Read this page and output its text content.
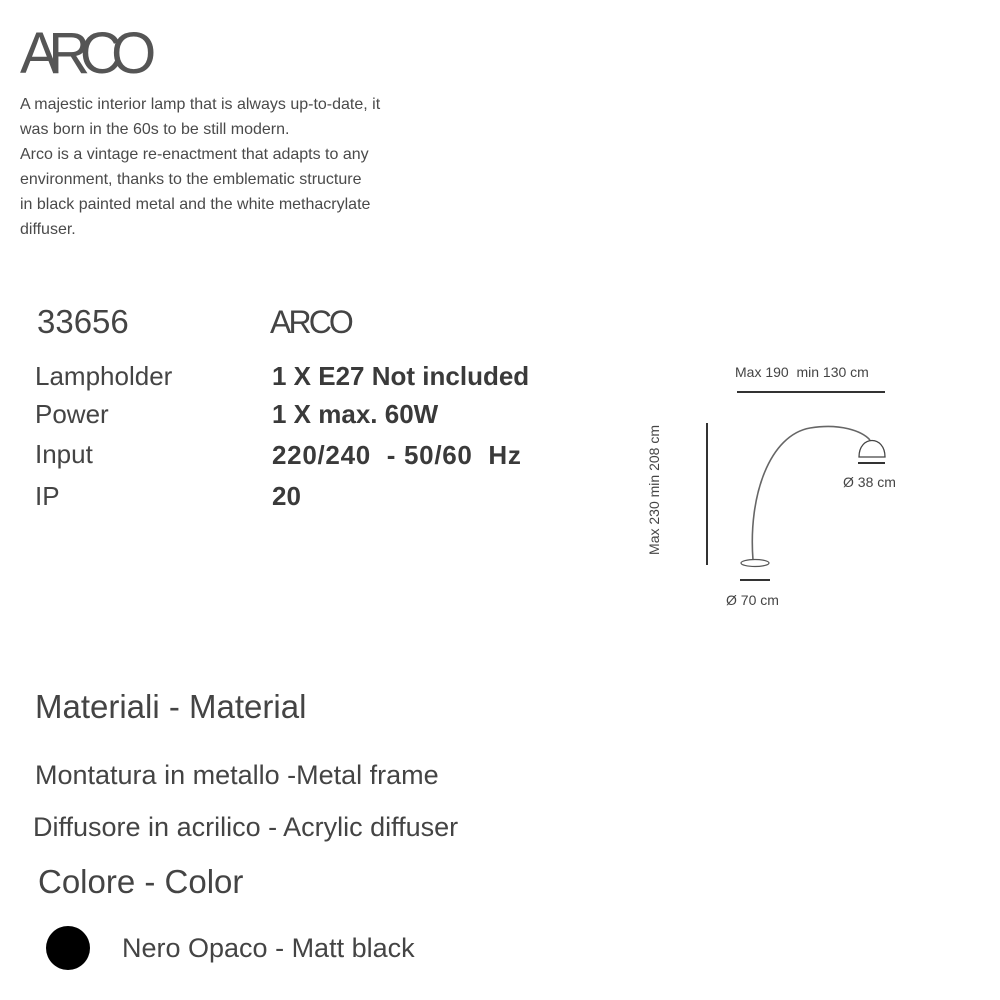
ARCO
A majestic interior lamp that is always up-to-date, it
was born in the 60s to be still modern.
Arco is a vintage re-enactment that adapts to any
environment, thanks to the emblematic structure
in black painted metal and the white methacrylate
diffuser.
33656	ARCO
Lampholder	1 X E27 Not included
Power	1 X max. 60W
Input	220/240  - 50/60  Hz
IP	20
Max 190  min 130 cm
Max 230 min 208 cm	Ø 38 cm
Ø 70 cm
Materiali - Material
Montatura in metallo -Metal frame
Diffusore in acrilico - Acrylic diffuser
Colore - Color
Nero Opaco - Matt black
